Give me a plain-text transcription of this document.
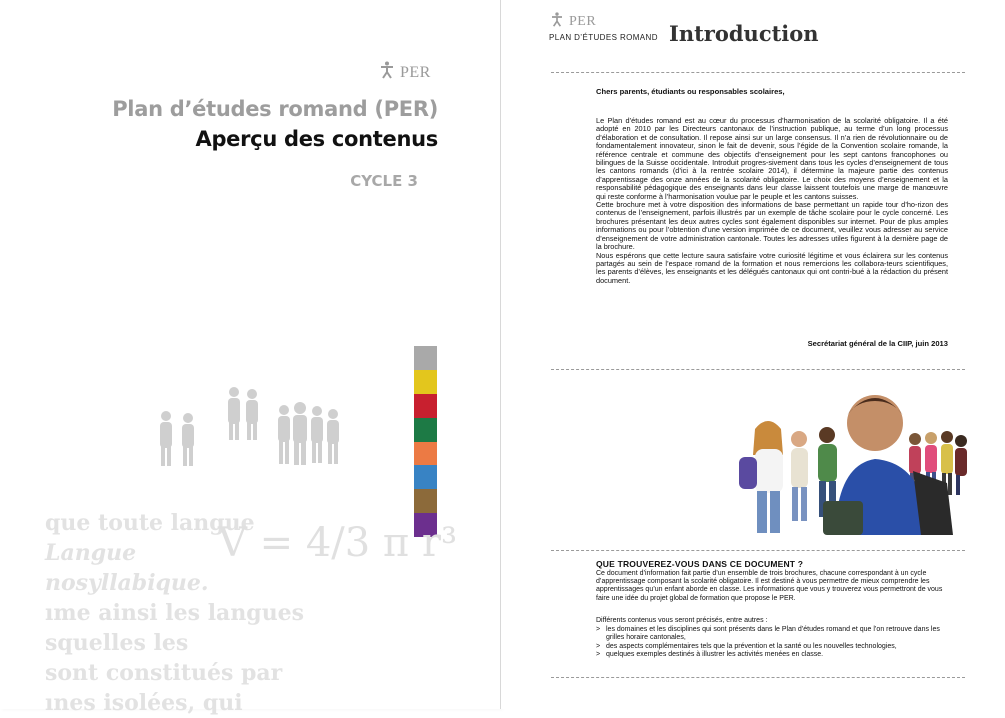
PER
Plan d’études romand (PER)
Aperçu des contenus
CYCLE 3
que toute langue
Langue
nosyllabique.
ıme ainsi les langues
squelles les
sont constitués par
ınes isolées, qui
V = 4/3 π r³
PER
PLAN D’ÉTUDES ROMAND Introduction
Chers parents, étudiants ou responsables scolaires,

Le Plan d’études romand est au cœur du processus d’harmonisation de la scolarité obligatoire. Il a été adopté en 2010 par les Directeurs cantonaux de l’instruction publique, au terme d’un long processus d’élaboration et de consultation. Il repose ainsi sur un large consensus. Il n’a rien de révolutionnaire ou de fondamentalement innovateur, sinon le fait de devenir, sous l’égide de la Convention scolaire romande, la référence centrale et commune des objectifs d’enseignement pour les sept cantons francophones ou bilingues de la Suisse occidentale. Introduit progres-sivement dans tous les cycles d’enseignement de tous les cantons romands (d’ici à la rentrée scolaire 2014), il détermine la majeure partie des contenus d’apprentissage des onze années de la scolarité obligatoire. Le choix des moyens d’enseignement et la responsabilité pédagogique des enseignants dans leur classe laissent toutefois une marge de manœuvre qui reste conforme à l’harmonisation voulue par le peuple et les cantons suisses.

Cette brochure met à votre disposition des informations de base permettant un rapide tour d’ho-rizon des contenus de l’enseignement, parfois illustrés par un exemple de tâche scolaire pour le cycle concerné. Les brochures présentant les deux autres cycles sont également disponibles sur internet. Pour de plus amples informations ou pour l’obtention d’une version imprimée de ce document, veuillez vous adresser au service d’enseignement de votre administration cantonale. Toutes les adresses utiles figurent à la dernière page de la brochure.

Nous espérons que cette lecture saura satisfaire votre curiosité légitime et vous éclairera sur les contenus partagés au sein de l’espace romand de la formation et nous remercions les collabora-teurs scientifiques, les parents d’élèves, les enseignants et les délégués cantonaux qui ont contri-bué à la rédaction du présent document.

Secrétariat général de la CIIP, juin 2013
QUE TROUVEREZ-VOUS DANS CE DOCUMENT ?

Ce document d’information fait partie d’un ensemble de trois brochures, chacune correspondant à un cycle d’apprentissage composant la scolarité obligatoire. Il est destiné à vous permettre de mieux comprendre les apprentissages qu’un enfant aborde en classe. Les informations que vous y trouverez vous permettront de vous faire une idée du projet global de formation que propose le PER.

Différents contenus vous seront précisés, entre autres :
> les domaines et les disciplines qui sont présents dans le Plan d’études romand et que l’on retrouve dans les grilles horaire cantonales,
> des aspects complémentaires tels que la prévention et la santé ou les nouvelles technologies,
> quelques exemples destinés à illustrer les activités menées en classe.
